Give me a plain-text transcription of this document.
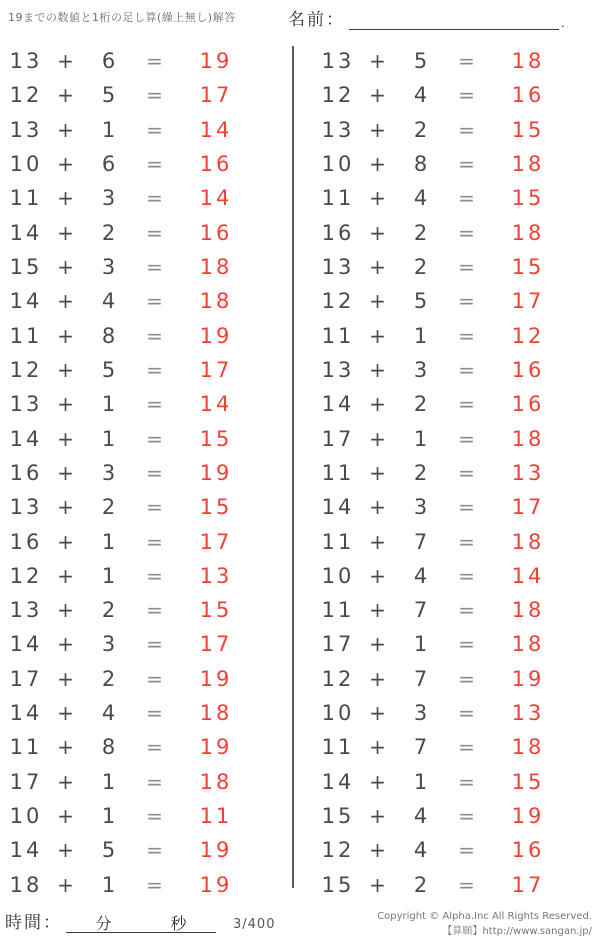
19までの数値と1桁の足し算(繰上無し)解答	名前：	.
13 +	6	=	19
12 +	5	=	17
13 +	1	=	14
10 +	6	=	16
11 +	3	=	14
14 +	2	=	16
15 +	3	=	18
14 +	4	=	18
11 +	8	=	19
12 +	5	=	17
13 +	1	=	14
14 +	1	=	15
16 +	3	=	19
13 +	2	=	15
16 +	1	=	17
12 +	1	=	13
13 +	2	=	15
14 +	3	=	17
17 +	2	=	19
14 +	4	=	18
11 +	8	=	19
17 +	1	=	18
10 +	1	=	11
14 +	5	=	19
18 +	1	=	19
13 +	5	=	18
12 +	4	=	16
13 +	2	=	15
10 +	8	=	18
11 +	4	=	15
16 +	2	=	18
13 +	2	=	15
12 +	5	=	17
11 +	1	=	12
13 +	3	=	16
14 +	2	=	16
17 +	1	=	18
11 +	2	=	13
14 +	3	=	17
11 +	7	=	18
10 +	4	=	14
11 +	7	=	18
17 +	1	=	18
12 +	7	=	19
10 +	3	=	13
11 +	7	=	18
14 +	1	=	15
15 +	4	=	19
12 +	4	=	16
15 +	2	=	17
時間：	分	秒	3/400
Copyright © Alpha.Inc All Rights Reserved.
【算願】http://www.sangan.jp/
